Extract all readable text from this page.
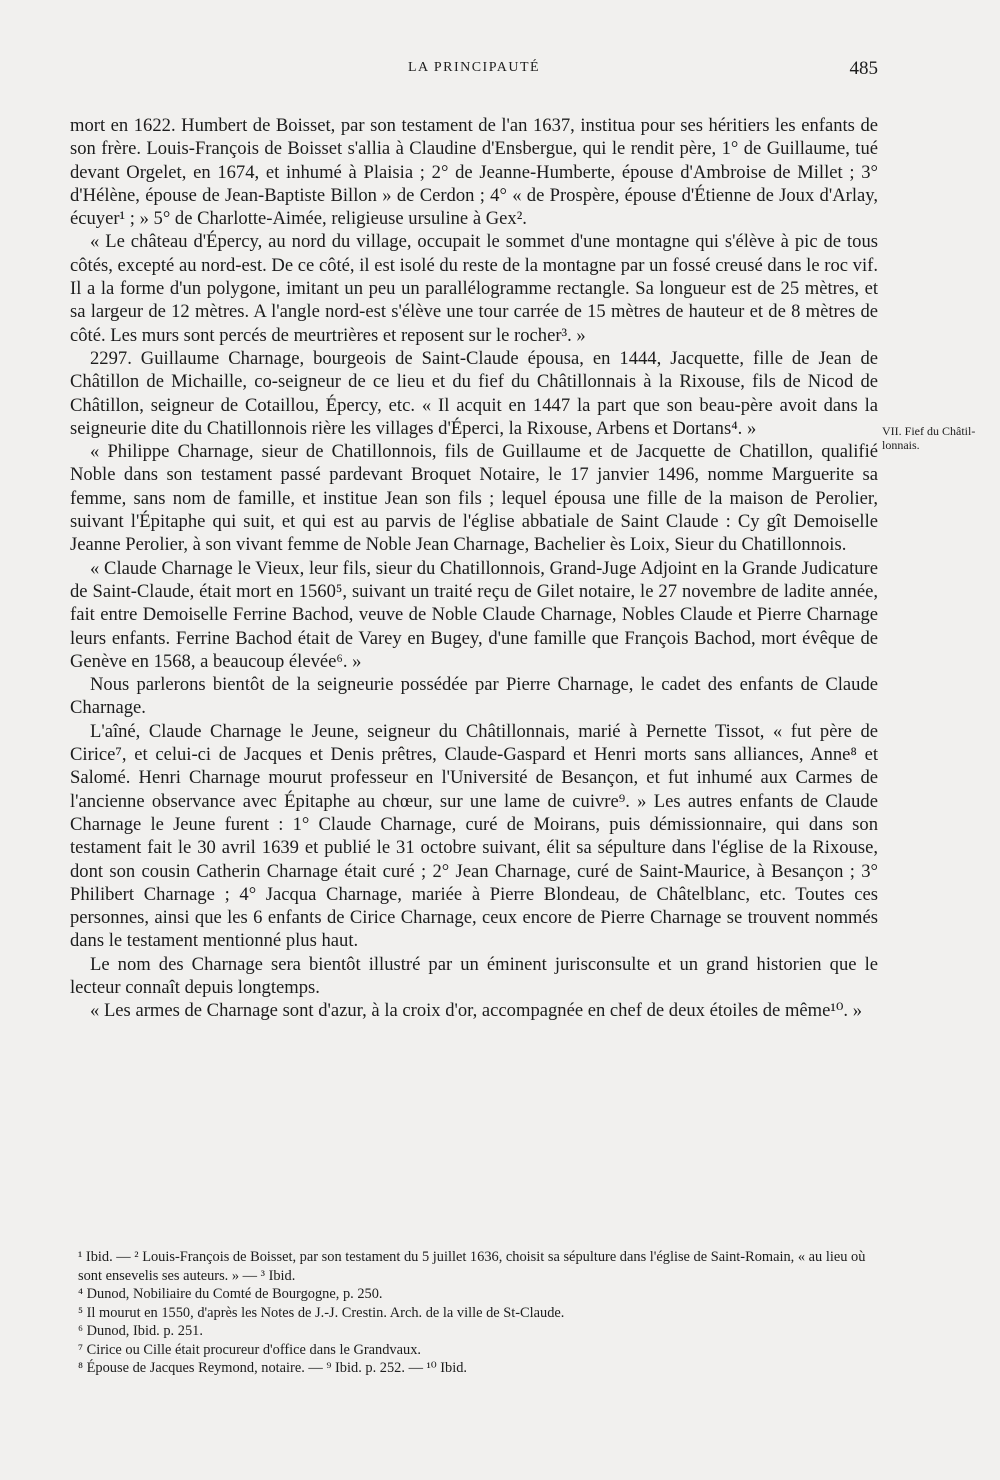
LA PRINCIPAUTÉ	485

mort en 1622. Humbert de Boisset, par son testament de l'an 1637, institua pour ses héritiers les enfants de son frère. Louis-François de Boisset s'allia à Claudine d'Ensbergue, qui le rendit père, 1° de Guillaume, tué devant Orgelet, en 1674, et inhumé à Plaisia ; 2° de Jeanne-Humberte, épouse d'Ambroise de Millet ; 3° d'Hélène, épouse de Jean-Baptiste Billon » de Cerdon ; 4° « de Prospère, épouse d'Étienne de Joux d'Arlay, écuyer¹ ; » 5° de Charlotte-Aimée, religieuse ursuline à Gex².

« Le château d'Épercy, au nord du village, occupait le sommet d'une montagne qui s'élève à pic de tous côtés, excepté au nord-est. De ce côté, il est isolé du reste de la montagne par un fossé creusé dans le roc vif. Il a la forme d'un polygone, imitant un peu un parallélogramme rectangle. Sa longueur est de 25 mètres, et sa largeur de 12 mètres. A l'angle nord-est s'élève une tour carrée de 15 mètres de hauteur et de 8 mètres de côté. Les murs sont percés de meurtrières et reposent sur le rocher³. »

2297. Guillaume Charnage, bourgeois de Saint-Claude épousa, en 1444, Jacquette, fille de Jean de Châtillon de Michaille, co-seigneur de ce lieu et du fief du Châtillonnais à la Rixouse, fils de Nicod de Châtillon, seigneur de Cotaillou, Épercy, etc. « Il acquit en 1447 la part que son beau-père avoit dans la seigneurie dite du Chatillonnois rière les villages d'Éperci, la Rixouse, Arbens et Dortans⁴. »

« Philippe Charnage, sieur de Chatillonnois, fils de Guillaume et de Jacquette de Chatillon, qualifié Noble dans son testament passé pardevant Broquet Notaire, le 17 janvier 1496, nomme Marguerite sa femme, sans nom de famille, et institue Jean son fils ; lequel épousa une fille de la maison de Perolier, suivant l'Épitaphe qui suit, et qui est au parvis de l'église abbatiale de Saint Claude : Cy gît Demoiselle Jeanne Perolier, à son vivant femme de Noble Jean Charnage, Bachelier ès Loix, Sieur du Chatillonnois.

« Claude Charnage le Vieux, leur fils, sieur du Chatillonnois, Grand-Juge Adjoint en la Grande Judicature de Saint-Claude, était mort en 1560⁵, suivant un traité reçu de Gilet notaire, le 27 novembre de ladite année, fait entre Demoiselle Ferrine Bachod, veuve de Noble Claude Charnage, Nobles Claude et Pierre Charnage leurs enfants. Ferrine Bachod était de Varey en Bugey, d'une famille que François Bachod, mort évêque de Genève en 1568, a beaucoup élevée⁶. »

Nous parlerons bientôt de la seigneurie possédée par Pierre Charnage, le cadet des enfants de Claude Charnage.

L'aîné, Claude Charnage le Jeune, seigneur du Châtillonnais, marié à Pernette Tissot, « fut père de Cirice⁷, et celui-ci de Jacques et Denis prêtres, Claude-Gaspard et Henri morts sans alliances, Anne⁸ et Salomé. Henri Charnage mourut professeur en l'Université de Besançon, et fut inhumé aux Carmes de l'ancienne observance avec Épitaphe au chœur, sur une lame de cuivre⁹. » Les autres enfants de Claude Charnage le Jeune furent : 1° Claude Charnage, curé de Moirans, puis démissionnaire, qui dans son testament fait le 30 avril 1639 et publié le 31 octobre suivant, élit sa sépulture dans l'église de la Rixouse, dont son cousin Catherin Charnage était curé ; 2° Jean Charnage, curé de Saint-Maurice, à Besançon ; 3° Philibert Charnage ; 4° Jacqua Charnage, mariée à Pierre Blondeau, de Châtelblanc, etc. Toutes ces personnes, ainsi que les 6 enfants de Cirice Charnage, ceux encore de Pierre Charnage se trouvent nommés dans le testament mentionné plus haut.

Le nom des Charnage sera bientôt illustré par un éminent jurisconsulte et un grand historien que le lecteur connaît depuis longtemps.

« Les armes de Charnage sont d'azur, à la croix d'or, accompagnée en chef de deux étoiles de même¹⁰. »

VII. Fief du Châtil- lonnais.

¹ Ibid. — ² Louis-François de Boisset, par son testament du 5 juillet 1636, choisit sa sépulture dans l'église de Saint-Romain, « au lieu où sont ensevelis ses auteurs. » — ³ Ibid.

⁴ Dunod, Nobiliaire du Comté de Bourgogne, p. 250.

⁵ Il mourut en 1550, d'après les Notes de J.-J. Crestin. Arch. de la ville de St-Claude.

⁶ Dunod, Ibid. p. 251.

⁷ Cirice ou Cille était procureur d'office dans le Grandvaux.

⁸ Épouse de Jacques Reymond, notaire. — ⁹ Ibid. p. 252. — ¹⁰ Ibid.
